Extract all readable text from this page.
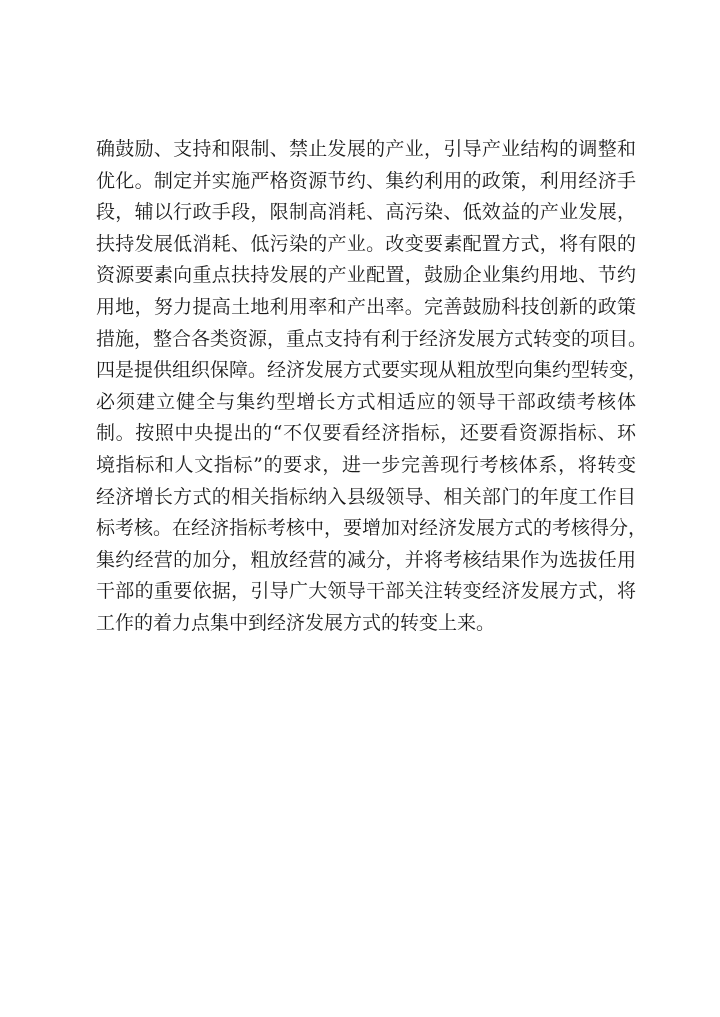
确鼓励、支持和限制、禁止发展的产业，引导产业结构的调整和
优化。制定并实施严格资源节约、集约利用的政策，利用经济手
段，辅以行政手段，限制高消耗、高污染、低效益的产业发展，
扶持发展低消耗、低污染的产业。改变要素配置方式，将有限的
资源要素向重点扶持发展的产业配置，鼓励企业集约用地、节约
用地，努力提高土地利用率和产出率。完善鼓励科技创新的政策
措施，整合各类资源，重点支持有利于经济发展方式转变的项目。
四是提供组织保障。经济发展方式要实现从粗放型向集约型转变，
必须建立健全与集约型增长方式相适应的领导干部政绩考核体
制。按照中央提出的“不仅要看经济指标，还要看资源指标、环
境指标和人文指标”的要求，进一步完善现行考核体系，将转变
经济增长方式的相关指标纳入县级领导、相关部门的年度工作目
标考核。在经济指标考核中，要增加对经济发展方式的考核得分，
集约经营的加分，粗放经营的减分，并将考核结果作为选拔任用
干部的重要依据，引导广大领导干部关注转变经济发展方式，将
工作的着力点集中到经济发展方式的转变上来。
